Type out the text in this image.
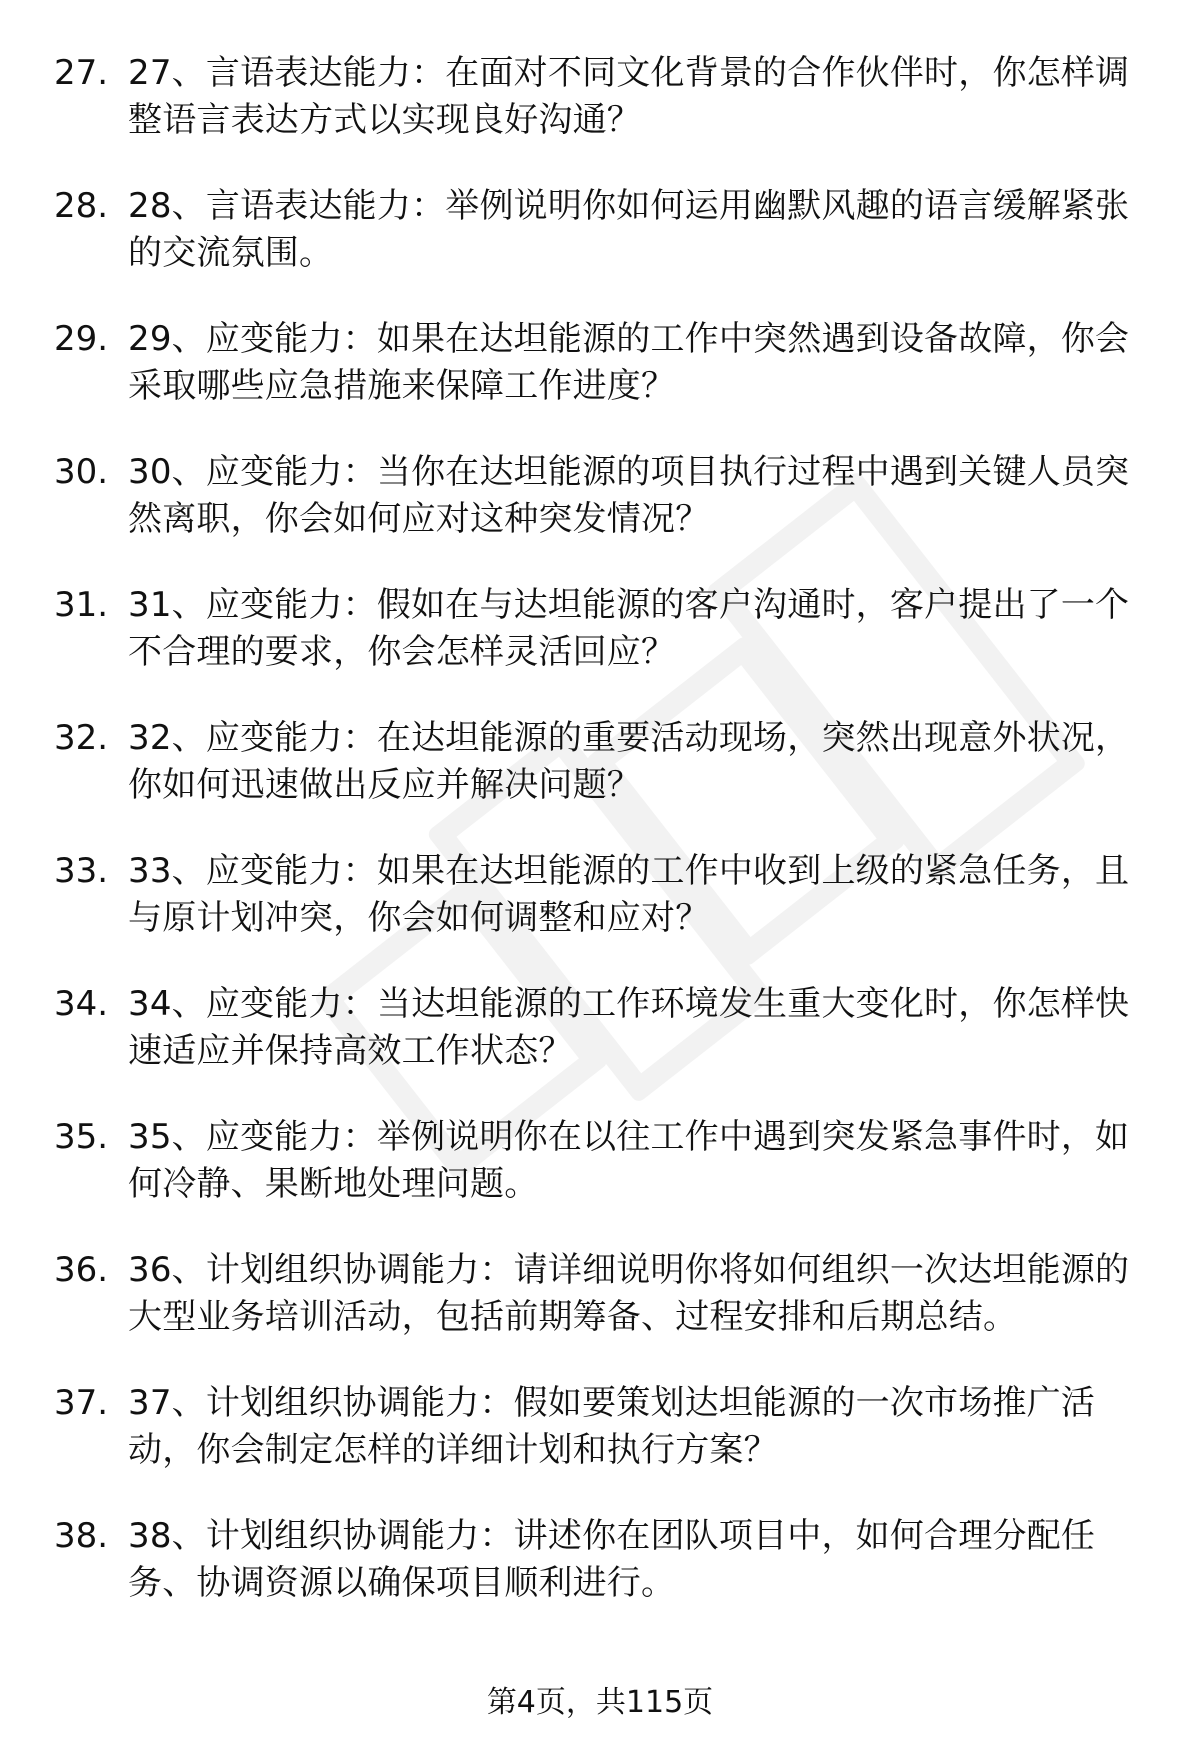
27. 27、言语表达能力：在面对不同文化背景的合作伙伴时，你怎样调整语言表达方式以实现良好沟通？
28. 28、言语表达能力：举例说明你如何运用幽默风趣的语言缓解紧张的交流氛围。
29. 29、应变能力：如果在达坦能源的工作中突然遇到设备故障，你会采取哪些应急措施来保障工作进度？
30. 30、应变能力：当你在达坦能源的项目执行过程中遇到关键人员突然离职，你会如何应对这种突发情况？
31. 31、应变能力：假如在与达坦能源的客户沟通时，客户提出了一个不合理的要求，你会怎样灵活回应？
32. 32、应变能力：在达坦能源的重要活动现场，突然出现意外状况，你如何迅速做出反应并解决问题？
33. 33、应变能力：如果在达坦能源的工作中收到上级的紧急任务，且与原计划冲突，你会如何调整和应对？
34. 34、应变能力：当达坦能源的工作环境发生重大变化时，你怎样快速适应并保持高效工作状态？
35. 35、应变能力：举例说明你在以往工作中遇到突发紧急事件时，如何冷静、果断地处理问题。
36. 36、计划组织协调能力：请详细说明你将如何组织一次达坦能源的大型业务培训活动，包括前期筹备、过程安排和后期总结。
37. 37、计划组织协调能力：假如要策划达坦能源的一次市场推广活动，你会制定怎样的详细计划和执行方案？
38. 38、计划组织协调能力：讲述你在团队项目中，如何合理分配任务、协调资源以确保项目顺利进行。
第4页，共115页
